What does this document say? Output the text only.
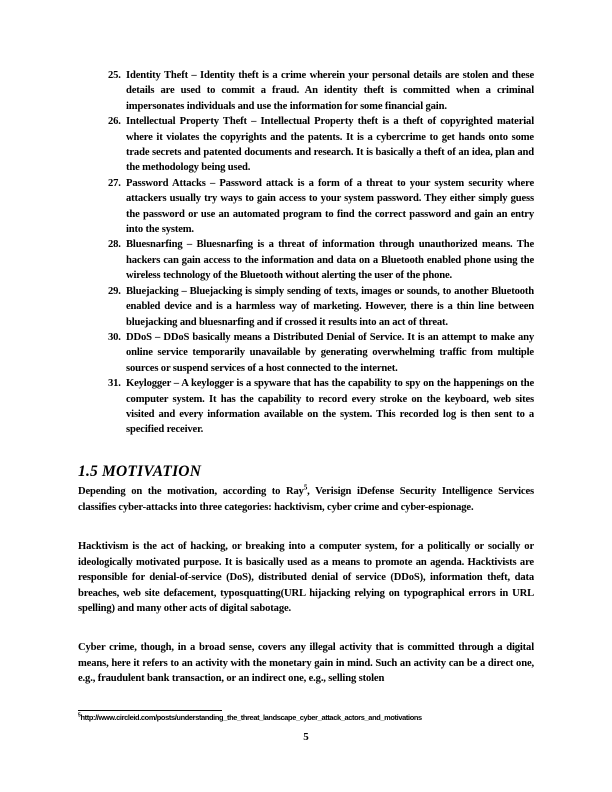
25. Identity Theft – Identity theft is a crime wherein your personal details are stolen and these details are used to commit a fraud. An identity theft is committed when a criminal impersonates individuals and use the information for some financial gain.
26. Intellectual Property Theft – Intellectual Property theft is a theft of copyrighted material where it violates the copyrights and the patents. It is a cybercrime to get hands onto some trade secrets and patented documents and research. It is basically a theft of an idea, plan and the methodology being used.
27. Password Attacks – Password attack is a form of a threat to your system security where attackers usually try ways to gain access to your system password. They either simply guess the password or use an automated program to find the correct password and gain an entry into the system.
28. Bluesnarfing – Bluesnarfing is a threat of information through unauthorized means. The hackers can gain access to the information and data on a Bluetooth enabled phone using the wireless technology of the Bluetooth without alerting the user of the phone.
29. Bluejacking – Bluejacking is simply sending of texts, images or sounds, to another Bluetooth enabled device and is a harmless way of marketing. However, there is a thin line between bluejacking and bluesnarfing and if crossed it results into an act of threat.
30. DDoS – DDoS basically means a Distributed Denial of Service. It is an attempt to make any online service temporarily unavailable by generating overwhelming traffic from multiple sources or suspend services of a host connected to the internet.
31. Keylogger – A keylogger is a spyware that has the capability to spy on the happenings on the computer system. It has the capability to record every stroke on the keyboard, web sites visited and every information available on the system. This recorded log is then sent to a specified receiver.
1.5 MOTIVATION

Depending on the motivation, according to Ray$^5$, Verisign iDefense Security Intelligence Services classifies cyber-attacks into three categories: hacktivism, cyber crime and cyber-espionage.

Hacktivism is the act of hacking, or breaking into a computer system, for a politically or socially or ideologically motivated purpose. It is basically used as a means to promote an agenda. Hacktivists are responsible for denial-of-service (DoS), distributed denial of service (DDoS), information theft, data breaches, web site defacement, typosquatting(URL hijacking relying on typographical errors in URL spelling) and many other acts of digital sabotage.

Cyber crime, though, in a broad sense, covers any illegal activity that is committed through a digital means, here it refers to an activity with the monetary gain in mind. Such an activity can be a direct one, e.g., fraudulent bank transaction, or an indirect one, e.g., selling stolen

$^5$http://www.circleid.com/posts/understanding_the_threat_landscape_cyber_attack_actors_and_motivations
5
